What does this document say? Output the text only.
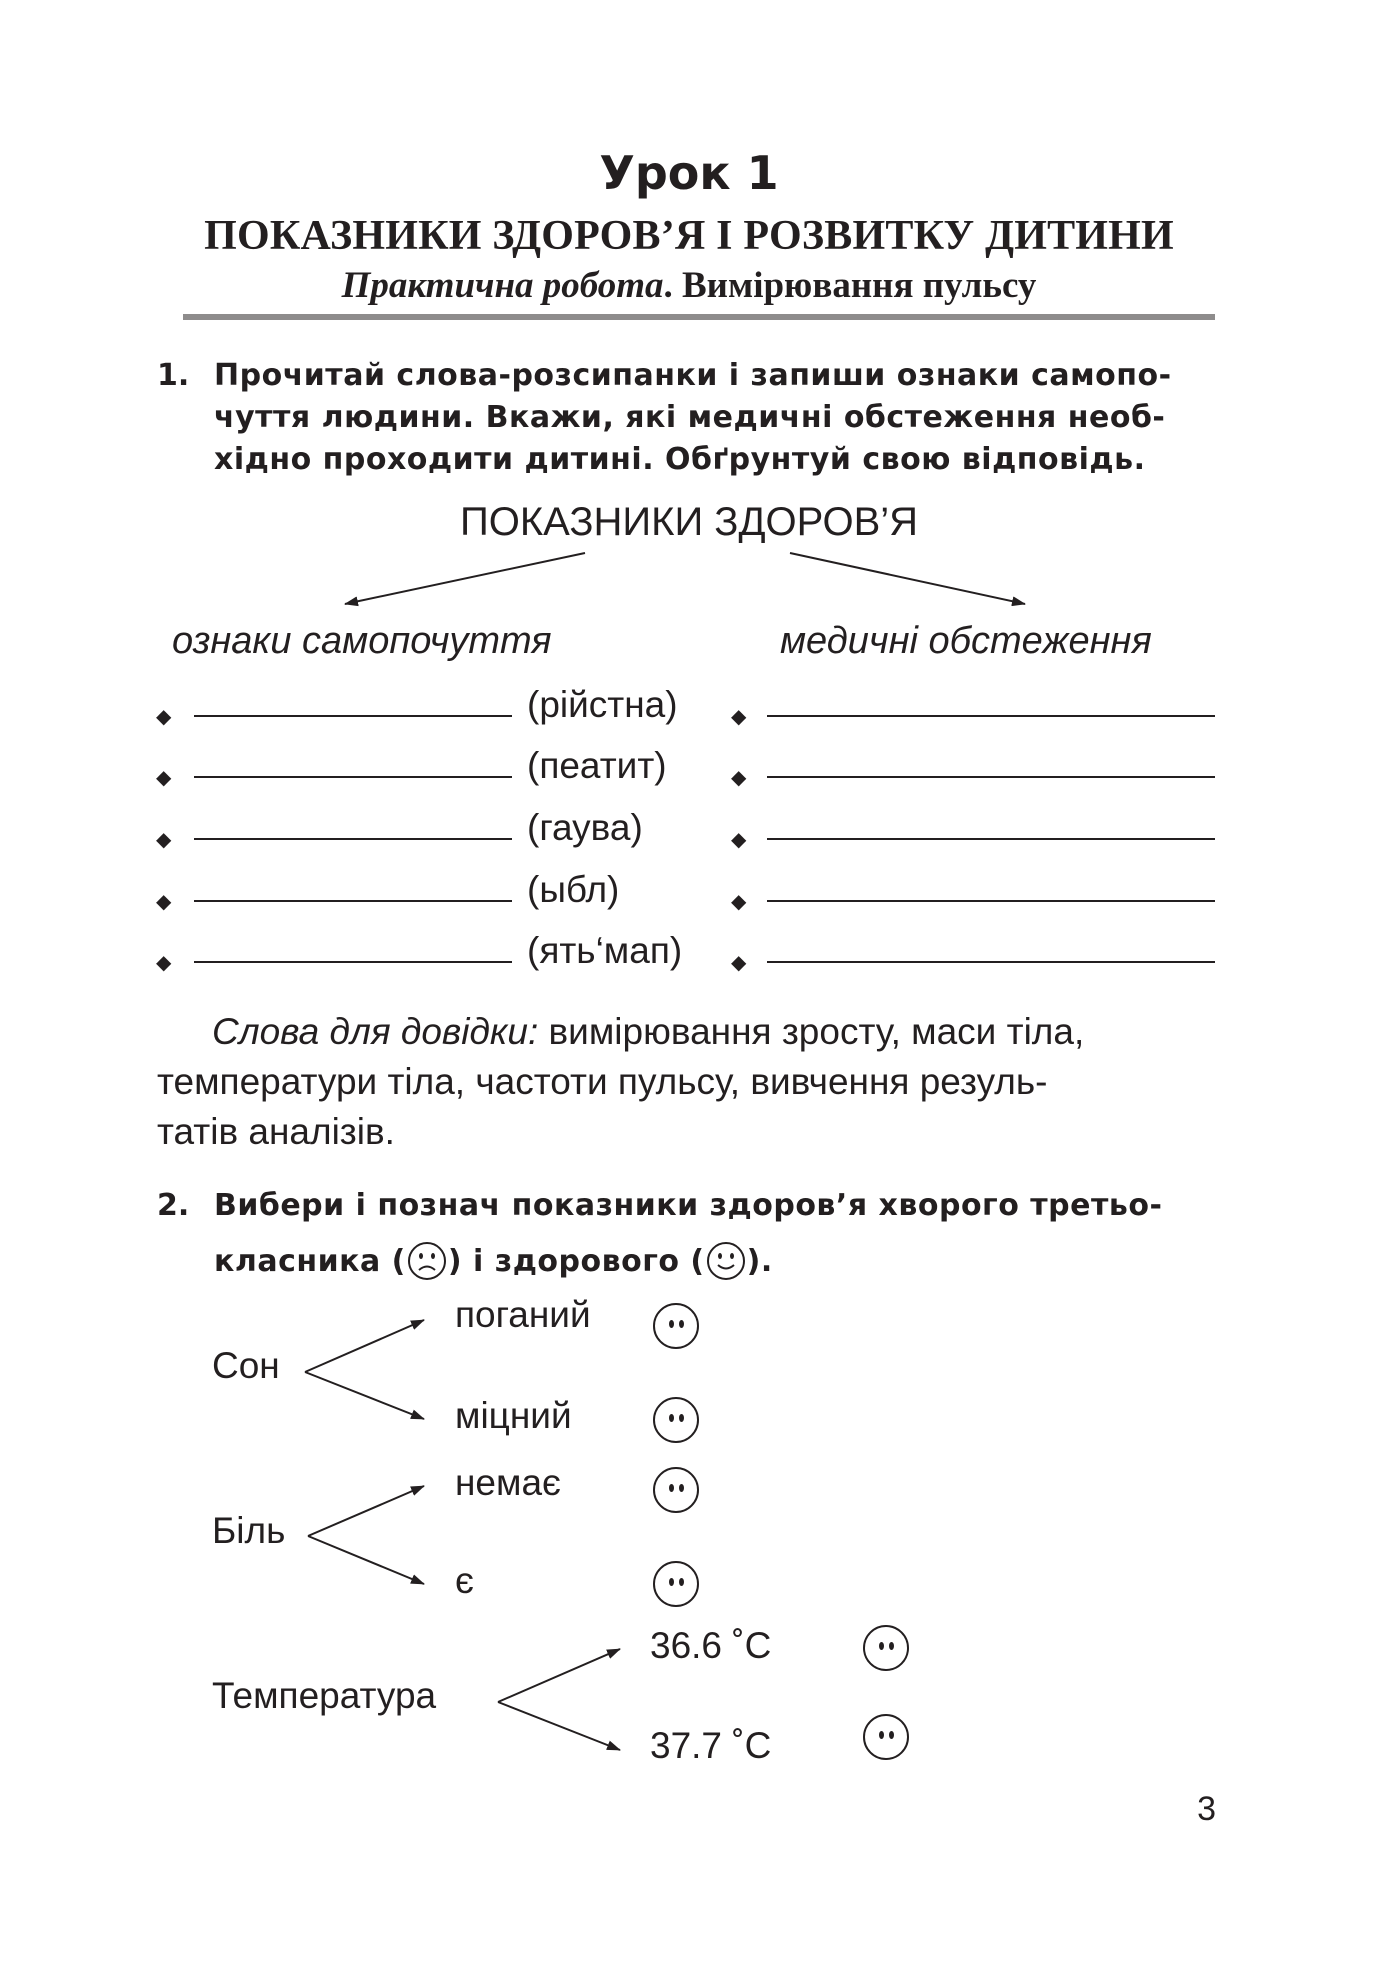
Урок 1
ПОКАЗНИКИ ЗДОРОВ’Я І РОЗВИТКУ ДИТИНИ
Практична робота. Вимірювання пульсу
1. Прочитай слова-розсипанки і запиши ознаки самопо-
чуття людини. Вкажи, які медичні обстеження необ-
хідно проходити дитині. Обґрунтуй свою відповідь.
ПОКАЗНИКИ ЗДОРОВ’Я
ознаки самопочуття	медичні обстеження
◆	(рійстна)	◆
◆	(пеатит)	◆
◆	(гаува)	◆
◆	(ыбл)	◆
◆	(ять‘мап) ◆
Слова для довідки: вимірювання зросту, маси тіла,
температури тіла, частоти пульсу, вивчення резуль-
татів аналізів.
2. Вибери і познач показники здоров’я хворого третьо-
класника ( ) і здорового ( ).
Сон
поганий
міцний
Біль
немає
є
Температура
36.6 ˚С
37.7 ˚С
3
